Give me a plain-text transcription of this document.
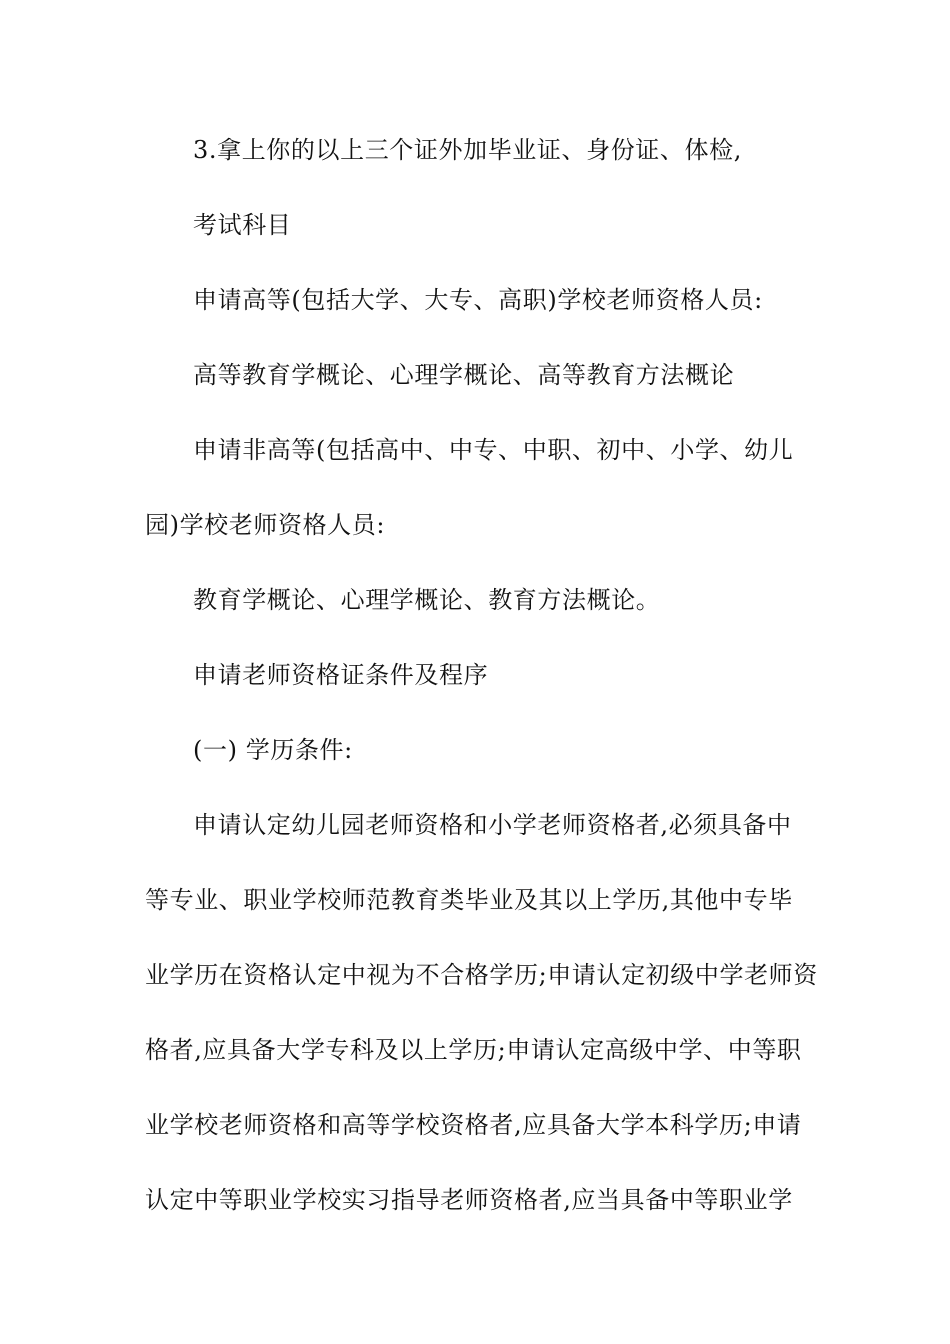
3.拿上你的以上三个证外加毕业证、身份证、体检,
考试科目
申请高等(包括大学、大专、高职)学校老师资格人员:
高等教育学概论、心理学概论、高等教育方法概论
申请非高等(包括高中、中专、中职、初中、小学、幼儿
园)学校老师资格人员:
教育学概论、心理学概论、教育方法概论。
申请老师资格证条件及程序
(一) 学历条件:
申请认定幼儿园老师资格和小学老师资格者,必须具备中
等专业、职业学校师范教育类毕业及其以上学历,其他中专毕
业学历在资格认定中视为不合格学历;申请认定初级中学老师资
格者,应具备大学专科及以上学历;申请认定高级中学、中等职
业学校老师资格和高等学校资格者,应具备大学本科学历;申请
认定中等职业学校实习指导老师资格者,应当具备中等职业学
